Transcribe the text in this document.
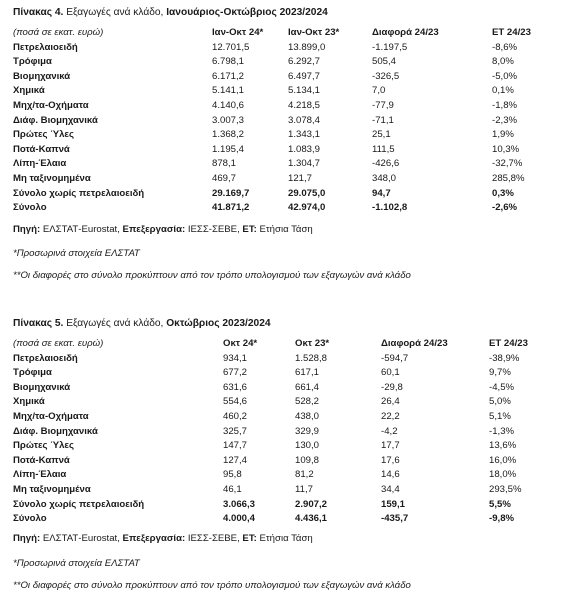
Πίνακας 4. Εξαγωγές ανά κλάδο, Ιανουάριος-Οκτώβριος 2023/2024
(ποσά σε εκατ. ευρώ)	Ιαν-Οκτ 24*	Ιαν-Οκτ 23*	Διαφορά 24/23	ΕΤ 24/23
Πετρελαιοειδή	12.701,5	13.899,0	-1.197,5	-8,6%
Τρόφιμα	6.798,1	6.292,7	505,4	8,0%
Βιομηχανικά	6.171,2	6.497,7	-326,5	-5,0%
Χημικά	5.141,1	5.134,1	7,0	0,1%
Μηχ/τα-Οχήματα	4.140,6	4.218,5	-77,9	-1,8%
Διάφ. Βιομηχανικά	3.007,3	3.078,4	-71,1	-2,3%
Πρώτες Ύλες	1.368,2	1.343,1	25,1	1,9%
Ποτά-Καπνά	1.195,4	1.083,9	111,5	10,3%
Λίπη-Έλαια	878,1	1.304,7	-426,6	-32,7%
Μη ταξινομημένα	469,7	121,7	348,0	285,8%
Σύνολο χωρίς πετρελαιοειδή	29.169,7	29.075,0	94,7	0,3%
Σύνολο	41.871,2	42.974,0	-1.102,8	-2,6%
Πηγή: ΕΛΣΤΑΤ-Eurostat, Επεξεργασία: ΙΕΣΣ-ΣΕΒΕ, ΕΤ: Ετήσια Τάση
*Προσωρινά στοιχεία ΕΛΣΤΑΤ
**Οι διαφορές στο σύνολο προκύπτουν από τον τρόπο υπολογισμού των εξαγωγών ανά κλάδο
Πίνακας 5. Εξαγωγές ανά κλάδο, Οκτώβριος 2023/2024
(ποσά σε εκατ. ευρώ)	Οκτ 24*	Οκτ 23*	Διαφορά 24/23	ΕΤ 24/23
Πετρελαιοειδή	934,1	1.528,8	-594,7	-38,9%
Τρόφιμα	677,2	617,1	60,1	9,7%
Βιομηχανικά	631,6	661,4	-29,8	-4,5%
Χημικά	554,6	528,2	26,4	5,0%
Μηχ/τα-Οχήματα	460,2	438,0	22,2	5,1%
Διάφ. Βιομηχανικά	325,7	329,9	-4,2	-1,3%
Πρώτες Ύλες	147,7	130,0	17,7	13,6%
Ποτά-Καπνά	127,4	109,8	17,6	16,0%
Λίπη-Έλαια	95,8	81,2	14,6	18,0%
Μη ταξινομημένα	46,1	11,7	34,4	293,5%
Σύνολο χωρίς πετρελαιοειδή	3.066,3	2.907,2	159,1	5,5%
Σύνολο	4.000,4	4.436,1	-435,7	-9,8%
Πηγή: ΕΛΣΤΑΤ-Eurostat, Επεξεργασία: ΙΕΣΣ-ΣΕΒΕ, ΕΤ: Ετήσια Τάση
*Προσωρινά στοιχεία ΕΛΣΤΑΤ
**Οι διαφορές στο σύνολο προκύπτουν από τον τρόπο υπολογισμού των εξαγωγών ανά κλάδο
